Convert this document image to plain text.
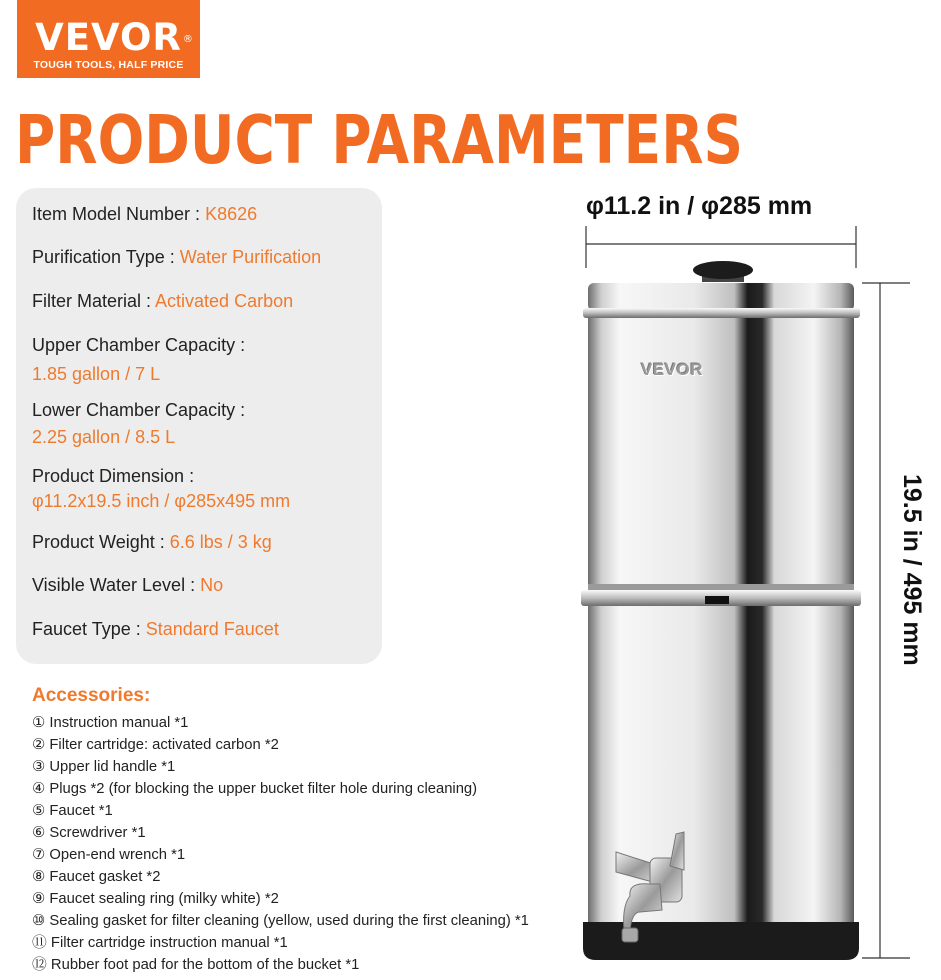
VEVOR ®
TOUGH TOOLS, HALF PRICE
PRODUCT PARAMETERS
Item Model Number : K8626
Purification Type : Water Purification
Filter Material : Activated Carbon
Upper Chamber Capacity :
1.85 gallon / 7 L
Lower Chamber Capacity :
2.25 gallon / 8.5 L
Product Dimension :
φ11.2x19.5 inch / φ285x495 mm
Product Weight : 6.6 lbs / 3 kg
Visible Water Level : No
Faucet Type : Standard Faucet
Accessories:
① Instruction manual *1
② Filter cartridge: activated carbon *2
③ Upper lid handle *1
④ Plugs *2 (for blocking the upper bucket filter hole during cleaning)
⑤ Faucet *1
⑥ Screwdriver *1
⑦ Open-end wrench *1
⑧ Faucet gasket *2
⑨ Faucet sealing ring (milky white) *2
⑩ Sealing gasket for filter cleaning (yellow, used during the first cleaning) *1
⑪ Filter cartridge instruction manual *1
⑫ Rubber foot pad for the bottom of the bucket *1
VEVOR
φ11.2 in / φ285 mm
19.5 in / 495 mm
